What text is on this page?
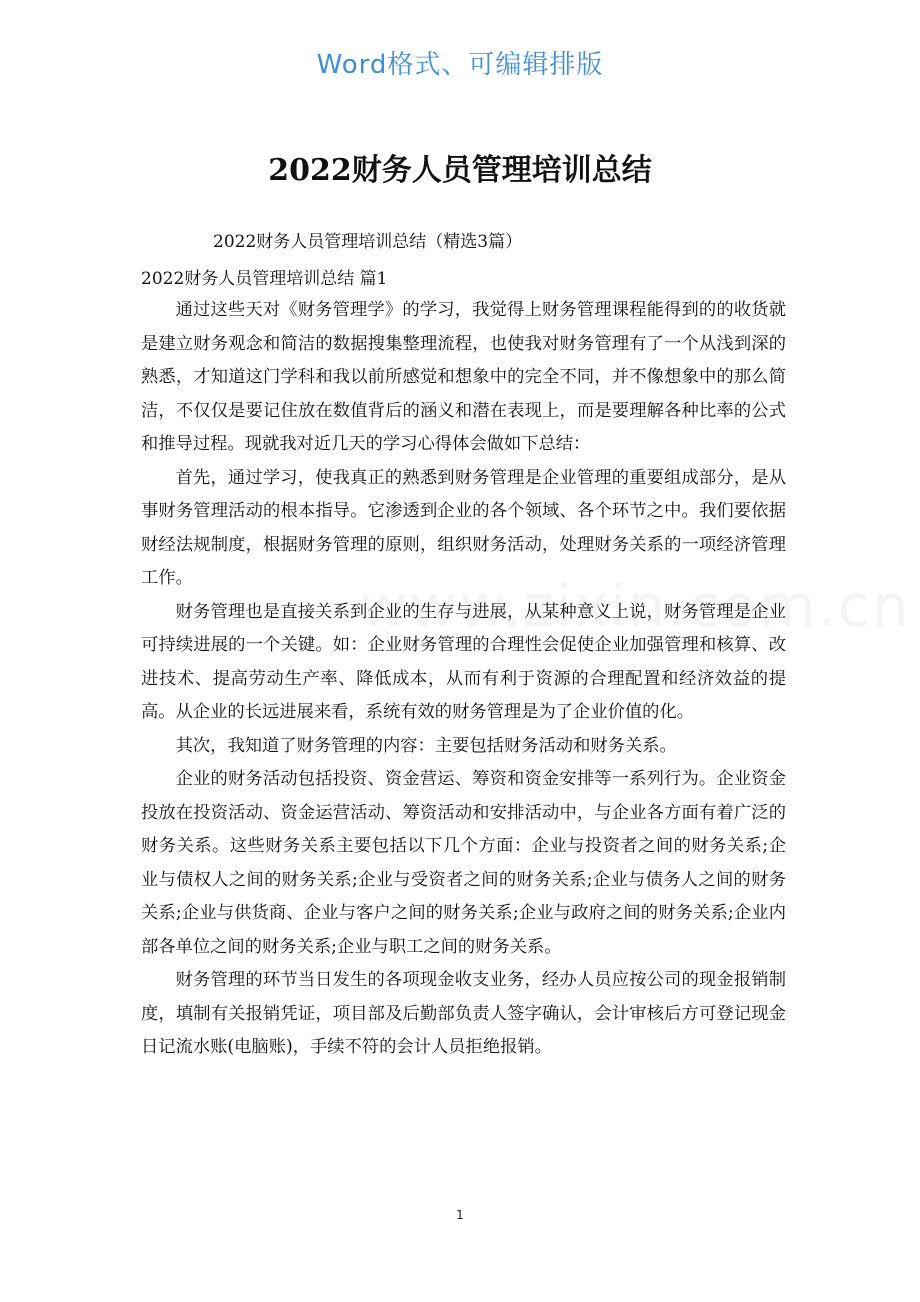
Word格式、可编辑排版
2022财务人员管理培训总结
2022财务人员管理培训总结（精选3篇）
2022财务人员管理培训总结 篇1

通过这些天对《财务管理学》的学习，我觉得上财务管理课程能得到的的收货就是建立财务观念和简洁的数据搜集整理流程，也使我对财务管理有了一个从浅到深的熟悉，才知道这门学科和我以前所感觉和想象中的完全不同，并不像想象中的那么简洁，不仅仅是要记住放在数值背后的涵义和潜在表现上，而是要理解各种比率的公式和推导过程。现就我对近几天的学习心得体会做如下总结：

首先，通过学习，使我真正的熟悉到财务管理是企业管理的重要组成部分，是从事财务管理活动的根本指导。它渗透到企业的各个领域、各个环节之中。我们要依据财经法规制度，根据财务管理的原则，组织财务活动，处理财务关系的一项经济管理工作。

财务管理也是直接关系到企业的生存与进展，从某种意义上说，财务管理是企业可持续进展的一个关键。如：企业财务管理的合理性会促使企业加强管理和核算、改进技术、提高劳动生产率、降低成本，从而有利于资源的合理配置和经济效益的提高。从企业的长远进展来看，系统有效的财务管理是为了企业价值的化。

其次，我知道了财务管理的内容：主要包括财务活动和财务关系。

企业的财务活动包括投资、资金营运、筹资和资金安排等一系列行为。企业资金投放在投资活动、资金运营活动、筹资活动和安排活动中，与企业各方面有着广泛的财务关系。这些财务关系主要包括以下几个方面：企业与投资者之间的财务关系;企业与债权人之间的财务关系;企业与受资者之间的财务关系;企业与债务人之间的财务关系;企业与供货商、企业与客户之间的财务关系;企业与政府之间的财务关系;企业内部各单位之间的财务关系;企业与职工之间的财务关系。

财务管理的环节当日发生的各项现金收支业务，经办人员应按公司的现金报销制度，填制有关报销凭证，项目部及后勤部负责人签字确认，会计审核后方可登记现金日记流水账(电脑账)，手续不符的会计人员拒绝报销。

1
